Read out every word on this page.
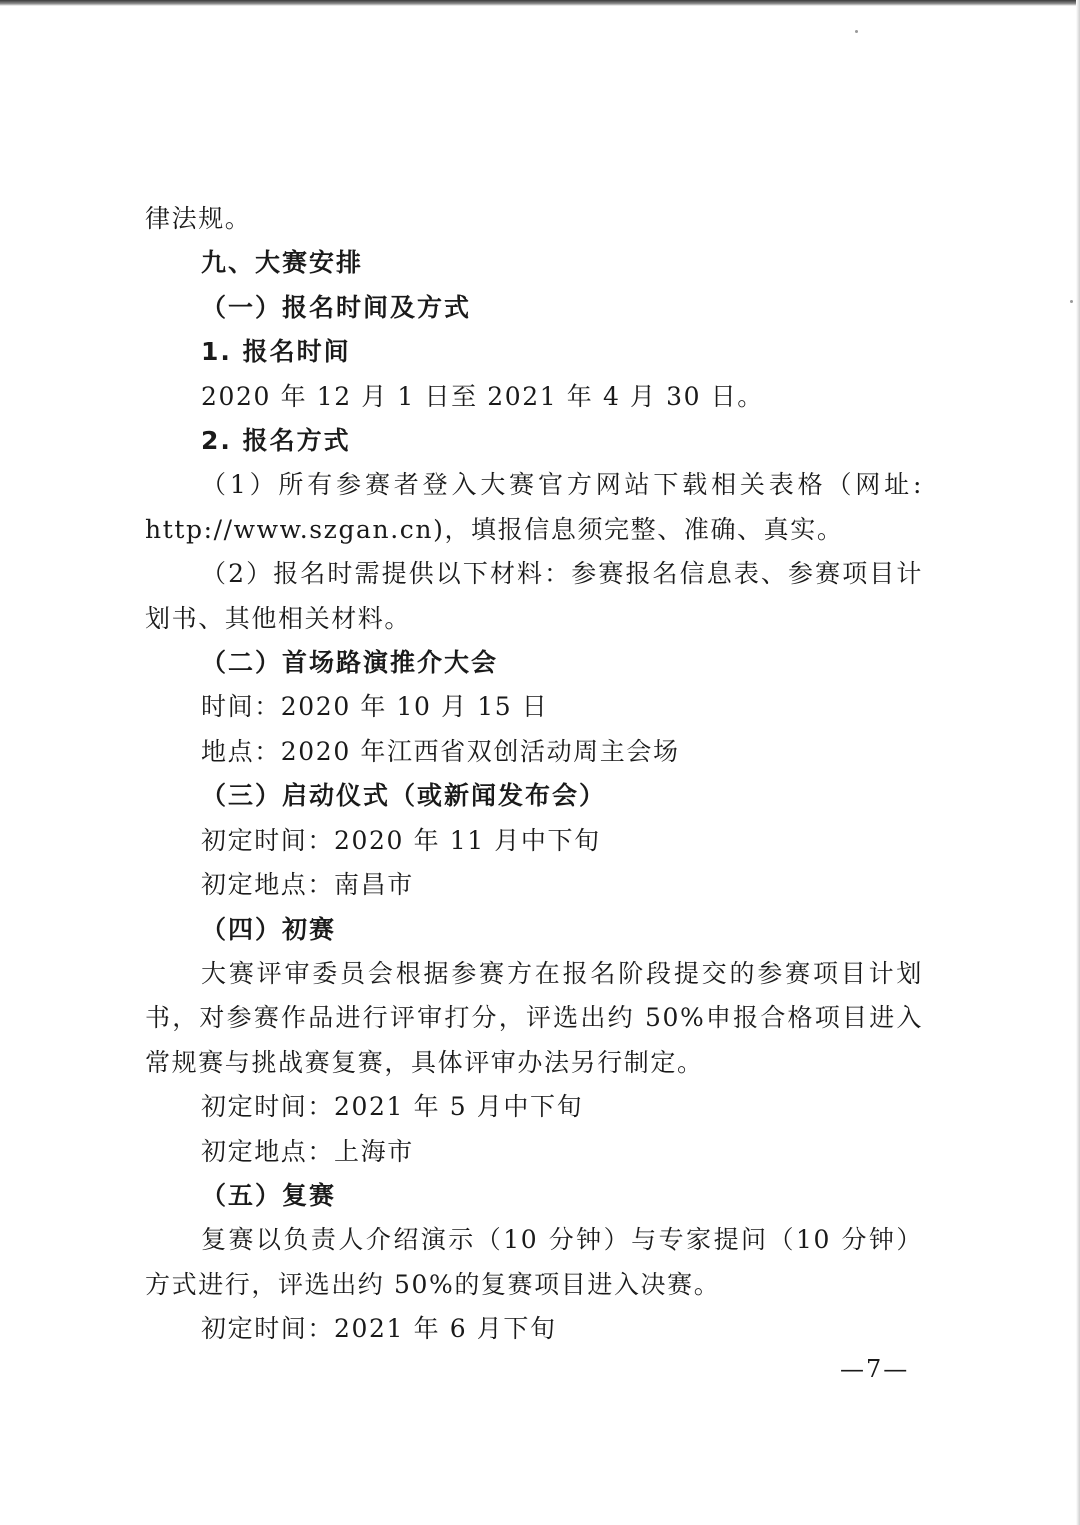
律法规。

九、大赛安排

（一）报名时间及方式

1. 报名时间

2020 年 12 月 1 日至 2021 年 4 月 30 日。

2. 报名方式

（1）所有参赛者登入大赛官方网站下载相关表格（网址: http://www.szgan.cn)，填报信息须完整、准确、真实。

（2）报名时需提供以下材料：参赛报名信息表、参赛项目计划书、其他相关材料。

（二）首场路演推介大会

时间：2020 年 10 月 15 日

地点：2020 年江西省双创活动周主会场

（三）启动仪式（或新闻发布会）

初定时间：2020 年 11 月中下旬

初定地点：南昌市

（四）初赛

大赛评审委员会根据参赛方在报名阶段提交的参赛项目计划书，对参赛作品进行评审打分，评选出约 50%申报合格项目进入常规赛与挑战赛复赛，具体评审办法另行制定。

初定时间：2021 年 5 月中下旬

初定地点：上海市

（五）复赛

复赛以负责人介绍演示（10 分钟）与专家提问（10 分钟）方式进行，评选出约 50%的复赛项目进入决赛。

初定时间：2021 年 6 月下旬

—7—
